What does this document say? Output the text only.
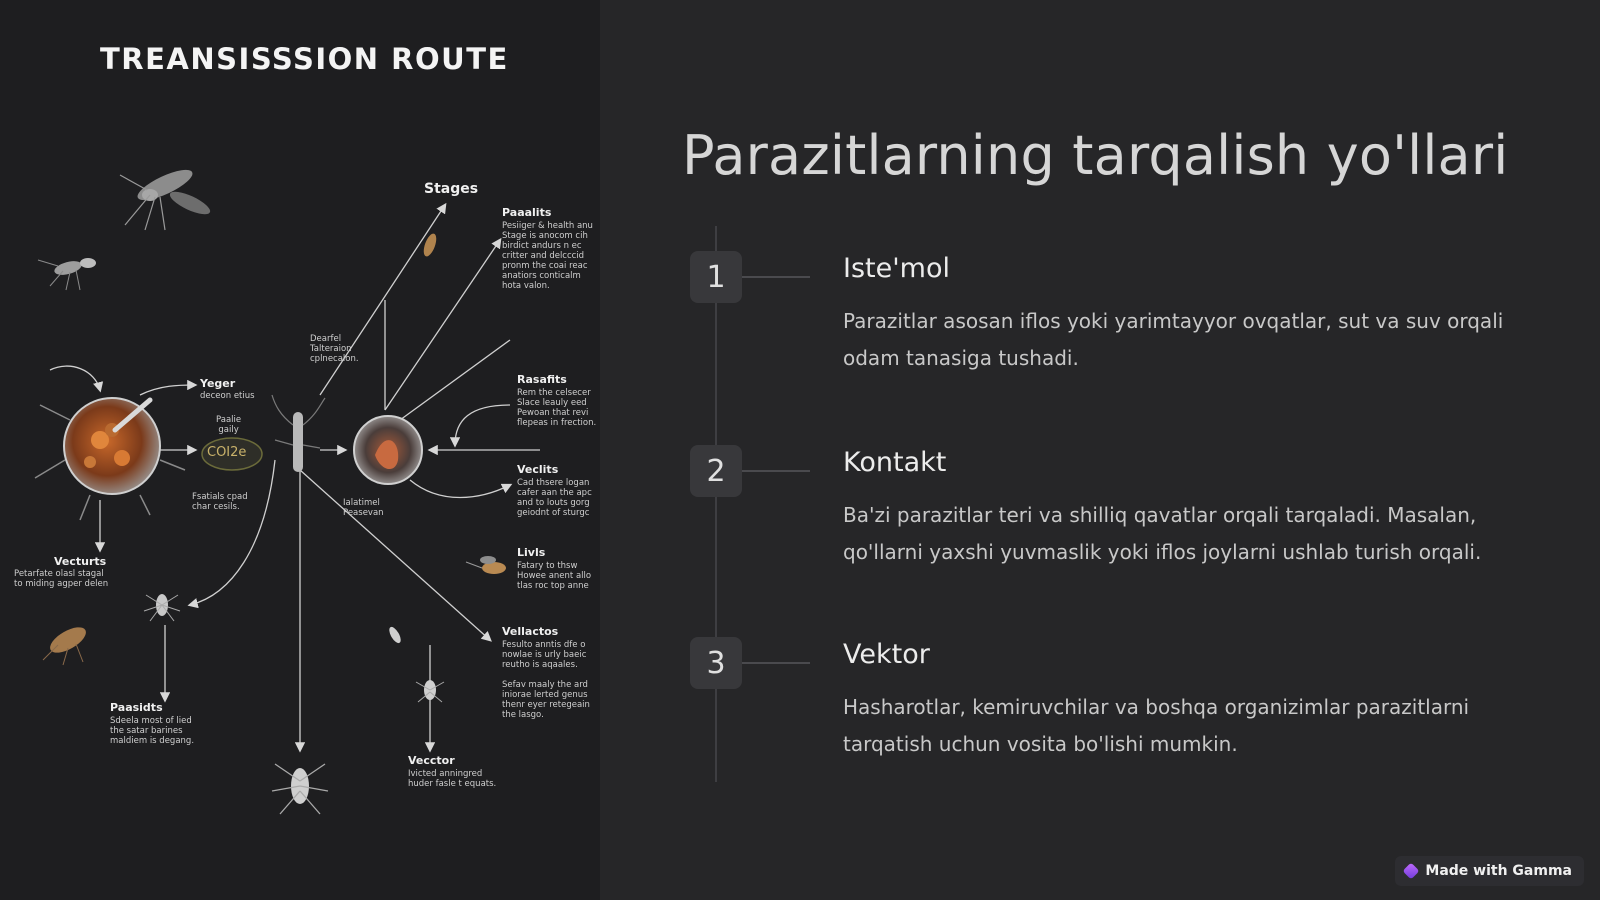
TREANSISSSION ROUTE
Stages
Paaalits
Pesiiger & health anu
Stage is anocom cih
birdict andurs n ec
critter and delcccid
pronm the coai reac
anatiors conticalm
hota valon.
Rasafits
Rem the celsecer
Slace leauly eed
Pewoan that revi
flepeas in frection.
Veclits
Cad thsere logan
cafer aan the apc
and to louts gorg
geiodnt of sturgc
Livls
Fatary to thsw
Howee anent allo
tlas roc top anne
Vellactos
Fesulto anntis dfe o
nowlae is urly baeic
reutho is aqaales.

Sefav maaly the ard
iniorae lerted genus
thenr eyer retegeain
the lasgo.
Vecctor
Ivicted anningred
huder fasle t equats.
Paasidts
Sdeela most of lied
the satar barines
maldiem is degang.
Vecturts
Petarfate olasl stagal
to miding agper delen
Yeger
deceon etius
Dearfel
Talteraion
cplnecalon.
Fsatials cpad
char cesils.	Ialatimel
Peasevan
Paalie
gaily
COI2e
Parazitlarning tarqalish yo'llari
1	Iste'mol
Parazitlar asosan iflos yoki yarimtayyor ovqatlar, sut va suv orqali odam tanasiga tushadi.
2	Kontakt
Ba'zi parazitlar teri va shilliq qavatlar orqali tarqaladi. Masalan, qo'llarni yaxshi yuvmaslik yoki iflos joylarni ushlab turish orqali.
3	Vektor
Hasharotlar, kemiruvchilar va boshqa organizimlar parazitlarni tarqatish uchun vosita bo'lishi mumkin.
Made with Gamma
